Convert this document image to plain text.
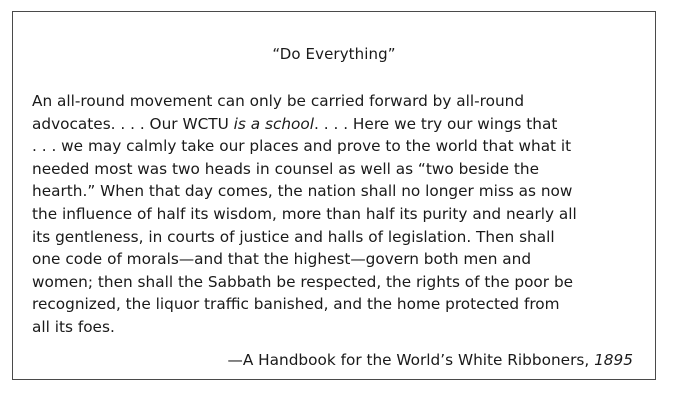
“Do Everything”

An all-round movement can only be carried forward by all-round
advocates. . . . Our WCTU is a school. . . . Here we try our wings that
. . . we may calmly take our places and prove to the world that what it
needed most was two heads in counsel as well as “two beside the
hearth.” When that day comes, the nation shall no longer miss as now
the influence of half its wisdom, more than half its purity and nearly all
its gentleness, in courts of justice and halls of legislation. Then shall
one code of morals—and that the highest—govern both men and
women; then shall the Sabbath be respected, the rights of the poor be
recognized, the liquor traffic banished, and the home protected from
all its foes.

—A Handbook for the World’s White Ribboners, 1895
